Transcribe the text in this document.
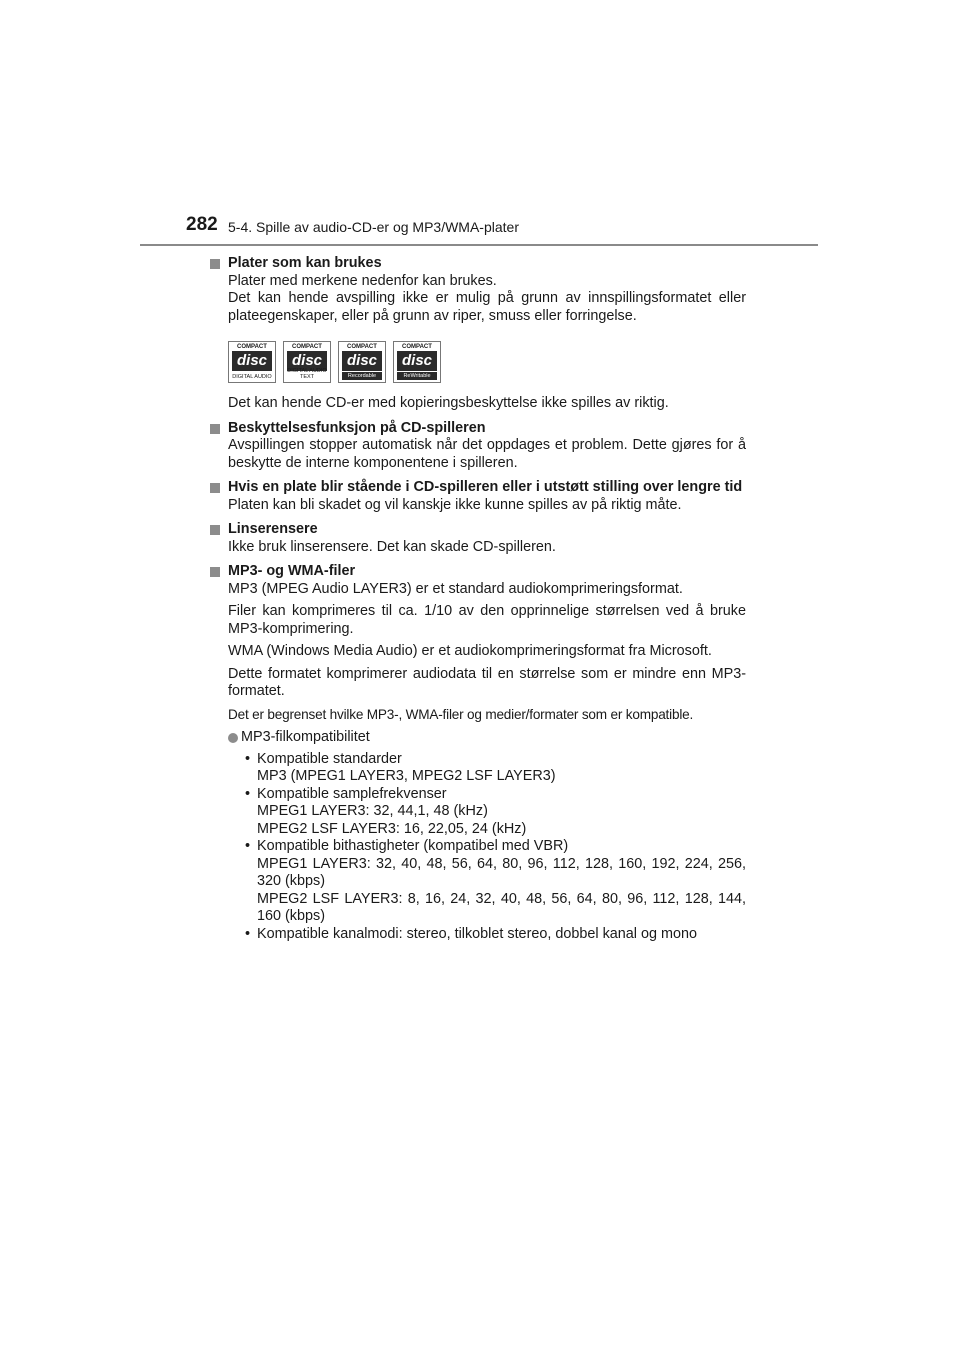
282 5-4. Spille av audio-CD-er og MP3/WMA-plater
Plater som kan brukes

Plater med merkene nedenfor kan brukes.

Det kan hende avspilling ikke er mulig på grunn av innspillingsformatet eller plateegenskaper, eller på grunn av riper, smuss eller forringelse.

COMPACT
disc
DIGITAL AUDIO
COMPACT
disc
DIGITAL AUDIO TEXT
COMPACT
disc
Recordable
COMPACT
disc
ReWritable

Det kan hende CD-er med kopieringsbeskyttelse ikke spilles av riktig.

Beskyttelsesfunksjon på CD-spilleren

Avspillingen stopper automatisk når det oppdages et problem. Dette gjøres for å beskytte de interne komponentene i spilleren.

Hvis en plate blir stående i CD-spilleren eller i utstøtt stilling over lengre tid

Platen kan bli skadet og vil kanskje ikke kunne spilles av på riktig måte.

Linserensere

Ikke bruk linserensere. Det kan skade CD-spilleren.

MP3- og WMA-filer

MP3 (MPEG Audio LAYER3) er et standard audiokomprimeringsformat.

Filer kan komprimeres til ca. 1/10 av den opprinnelige størrelsen ved å bruke MP3-komprimering.

WMA (Windows Media Audio) er et audiokomprimeringsformat fra Microsoft.

Dette formatet komprimerer audiodata til en størrelse som er mindre enn MP3-formatet.

Det er begrenset hvilke MP3-, WMA-filer og medier/formater som er kompatible.

MP3-filkompatibilitet
• Kompatible standarder
MP3 (MPEG1 LAYER3, MPEG2 LSF LAYER3)
• Kompatible samplefrekvenser
MPEG1 LAYER3: 32, 44,1, 48 (kHz)
MPEG2 LSF LAYER3: 16, 22,05, 24 (kHz)
• Kompatible bithastigheter (kompatibel med VBR)
MPEG1 LAYER3: 32, 40, 48, 56, 64, 80, 96, 112, 128, 160, 192, 224, 256, 320 (kbps)
MPEG2 LSF LAYER3: 8, 16, 24, 32, 40, 48, 56, 64, 80, 96, 112, 128, 144, 160 (kbps)
• Kompatible kanalmodi: stereo, tilkoblet stereo, dobbel kanal og mono
